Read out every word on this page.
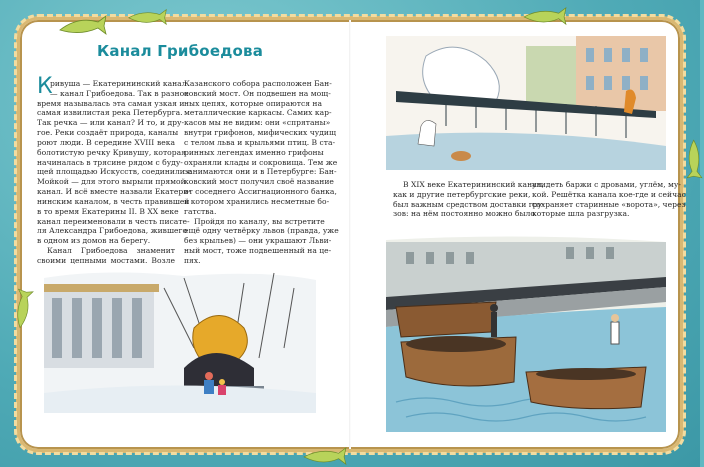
Канал Грибоедова
К
ривуша — Екатерининский канал
— канал Грибоедова. Так в разное
время называлась эта самая узкая и
самая извилистая река Петербурга.
Так речка — или канал? И то, и дру-
гое. Реки создаёт природа, каналы
роют люди. В середине XVIII века
болотистую речку Кривушу, которая
начиналась в трясине рядом с буду-
щей площадью Искусств, соединили с
Мойкой — для этого вырыли прямой
канал. И всё вместе назвали Екатери-
нинским каналом, в честь правившей
в то время Екатерины II. В XX веке
канал переименовали в честь писате-
ля Александра Грибоедова, жившего
в одном из домов на берегу.
Канал Грибоедова знаменит
своими цепными мостами. Возле
Казанского собора расположен Бан-
ковский мост. Он подвешен на мощ-
ных цепях, которые опираются на
металлические каркасы. Самих кар-
касов мы не видим: они «спрятаны»
внутри грифонов, мифических чудищ
с телом льва и крыльями птиц. В ста-
ринных легендах именно грифоны
охраняли клады и сокровища. Тем же
занимаются они и в Петербурге: Бан-
ковский мост получил своё название
от соседнего Ассигнационного банка,
в котором хранились несметные бо-
гатства.
Пройдя по каналу, вы встретите
ещё одну четвёрку львов (правда, уже
без крыльев) — они украшают Льви-
ный мост, тоже подвешенный на це-
пях.
В XIX веке Екатерининский канал,
как и другие петербургские реки,
был важным средством доставки гру-
зов: на нём постоянно можно было
увидеть баржи с дровами, углём, му-
кой. Решётка канала кое-где и сейчас
сохраняет старинные «ворота», через
которые шла разгрузка.
